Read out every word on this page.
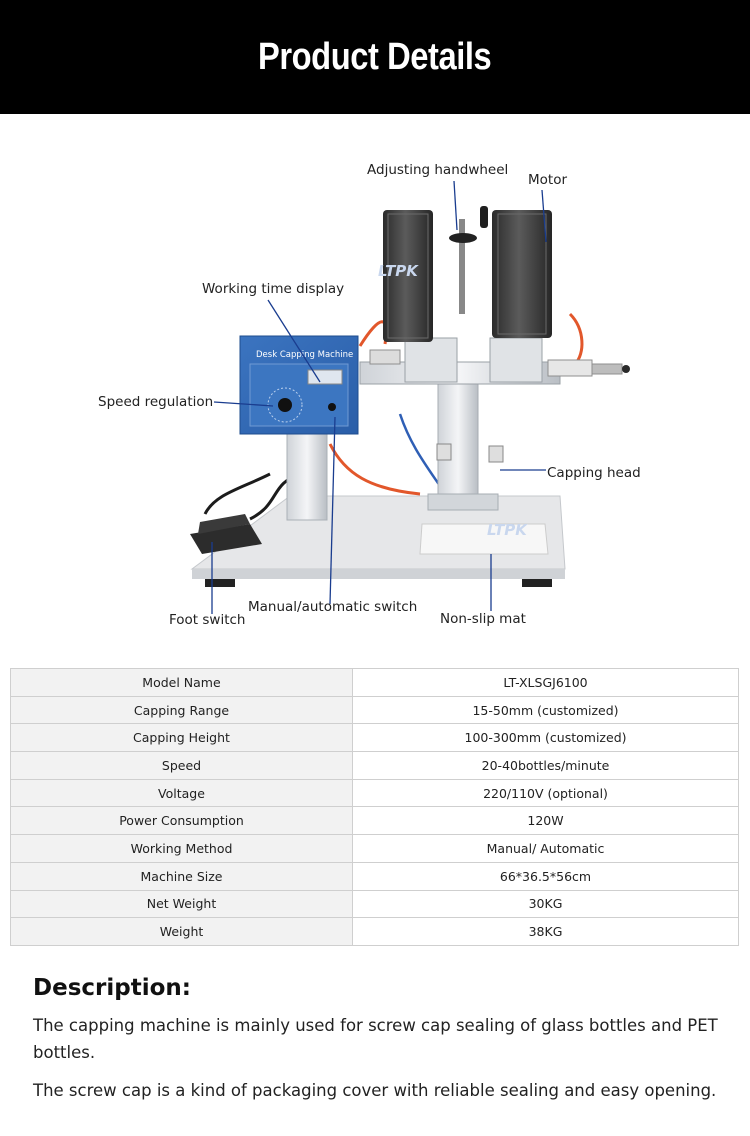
Product Details
Desk Capping Machine
LTPK
LTPK
Adjusting handwheel
Motor
Working time display
Speed regulation
Capping head
Manual/automatic switch
Foot switch	Non-slip mat
Model Name	LT-XLSGJ6100
Capping Range	15-50mm (customized)
Capping Height	100-300mm (customized)
Speed	20-40bottles/minute
Voltage	220/110V (optional)
Power Consumption	120W
Working Method	Manual/ Automatic
Machine Size	66*36.5*56cm
Net Weight	30KG
Weight	38KG
Description:

The capping machine is mainly used for screw cap sealing of glass bottles and PET bottles.

The screw cap is a kind of packaging cover with reliable sealing and easy opening.
